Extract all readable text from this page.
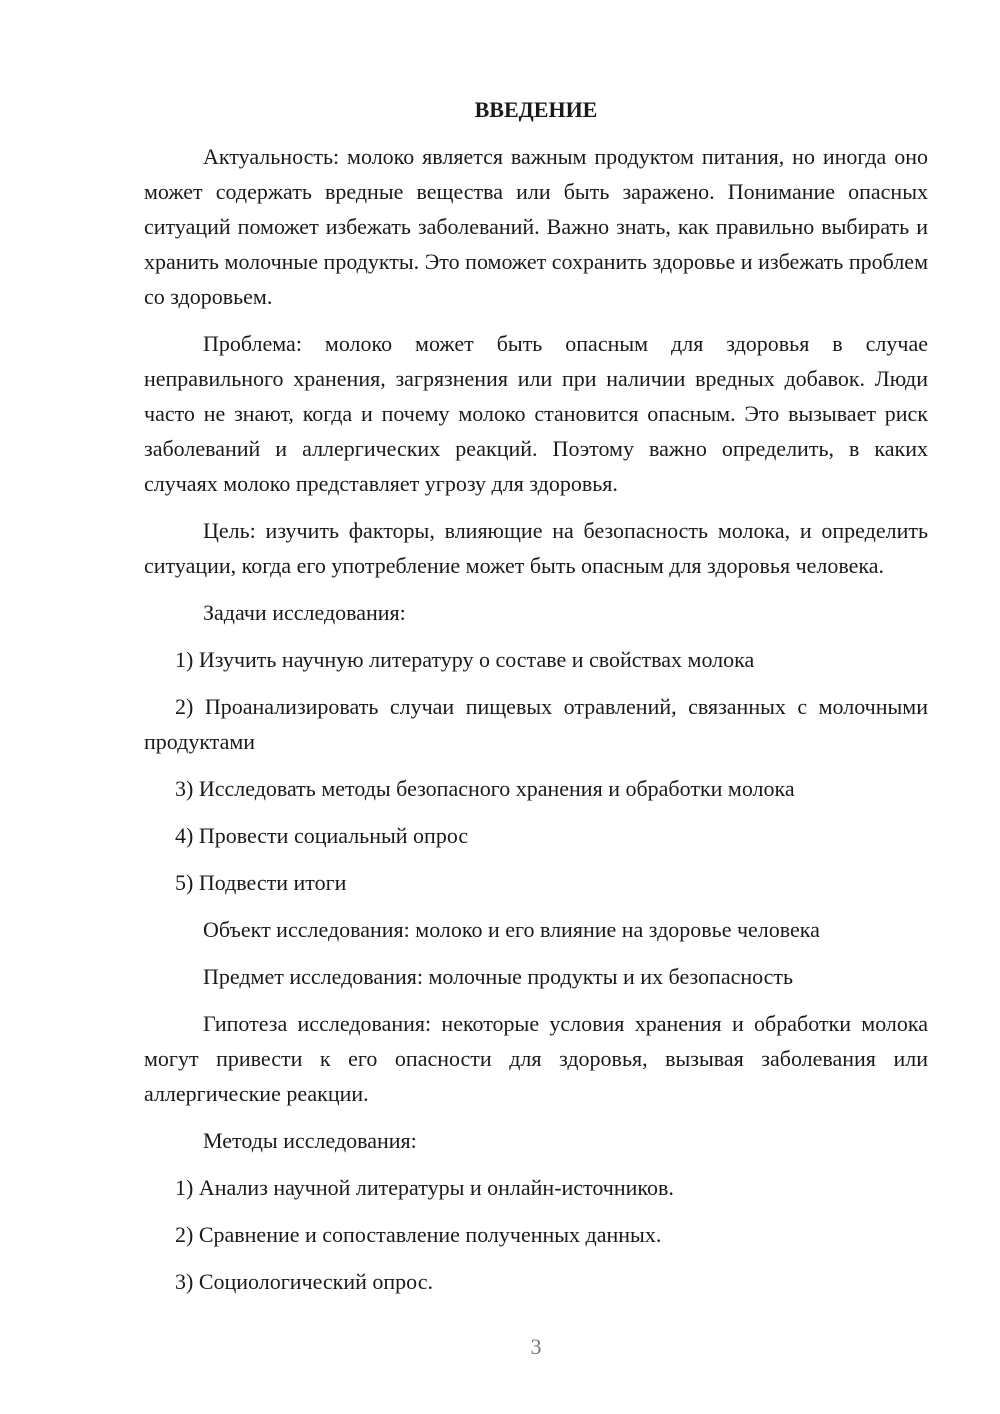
ВВЕДЕНИЕ

Актуальность: молоко является важным продуктом питания, но иногда оно может содержать вредные вещества или быть заражено. Понимание опасных ситуаций поможет избежать заболеваний. Важно знать, как правильно выбирать и хранить молочные продукты. Это поможет сохранить здоровье и избежать проблем со здоровьем.

Проблема: молоко может быть опасным для здоровья в случае неправильного хранения, загрязнения или при наличии вредных добавок. Люди часто не знают, когда и почему молоко становится опасным. Это вызывает риск заболеваний и аллергических реакций. Поэтому важно определить, в каких случаях молоко представляет угрозу для здоровья.

Цель: изучить факторы, влияющие на безопасность молока, и определить ситуации, когда его употребление может быть опасным для здоровья человека.

Задачи исследования:

1) Изучить научную литературу о составе и свойствах молока

2) Проанализировать случаи пищевых отравлений, связанных с молочными продуктами

3) Исследовать методы безопасного хранения и обработки молока

4) Провести социальный опрос

5) Подвести итоги

Объект исследования: молоко и его влияние на здоровье человека

Предмет исследования: молочные продукты и их безопасность

Гипотеза исследования: некоторые условия хранения и обработки молока могут привести к его опасности для здоровья, вызывая заболевания или аллергические реакции.

Методы исследования:

1) Анализ научной литературы и онлайн-источников.

2) Сравнение и сопоставление полученных данных.

3) Социологический опрос.

3
